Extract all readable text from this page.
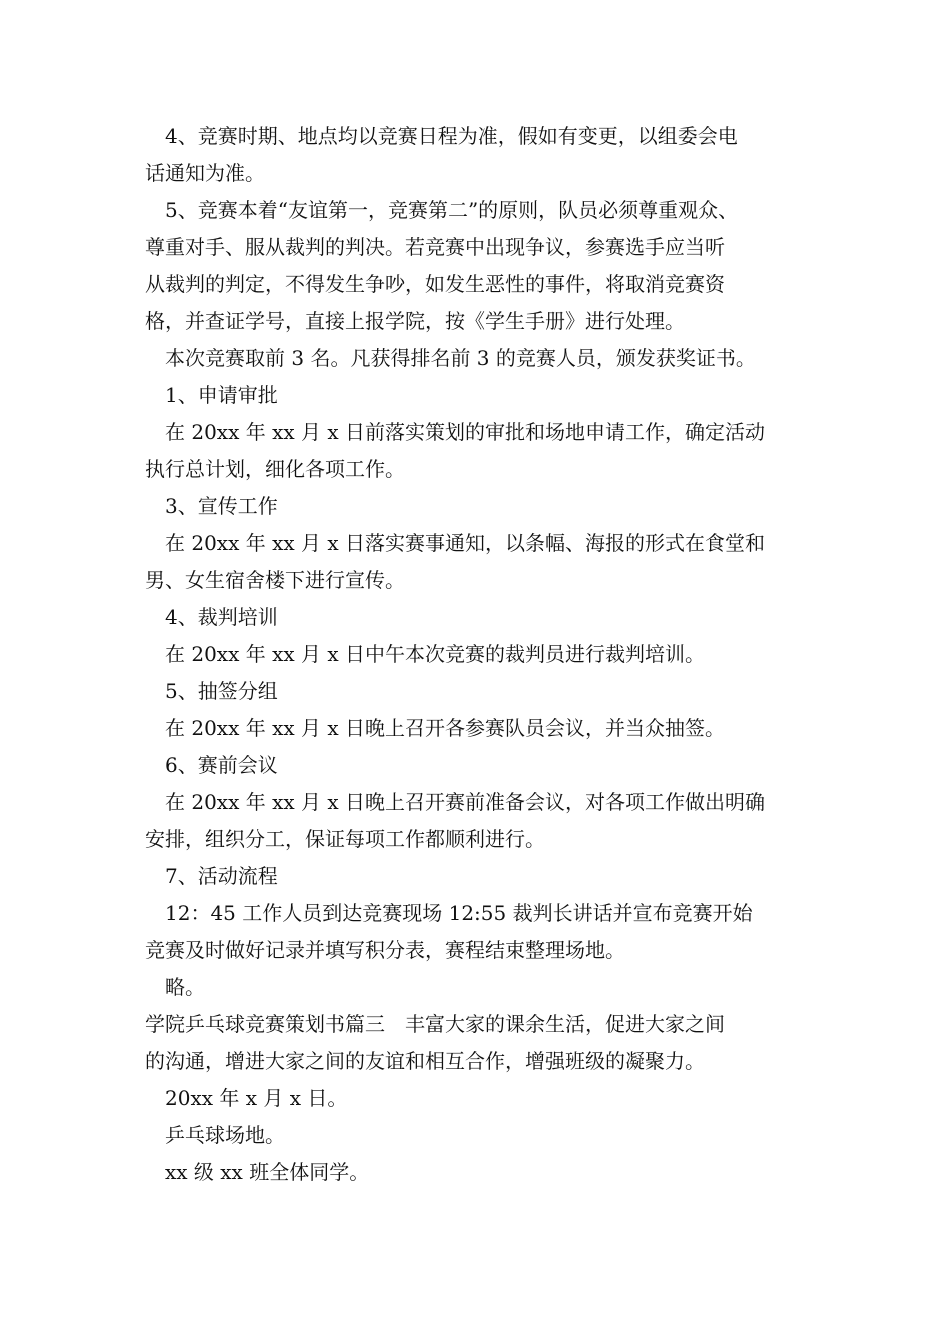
4、竞赛时期、地点均以竞赛日程为准，假如有变更，以组委会电
话通知为准。
5、竞赛本着“友谊第一，竞赛第二”的原则，队员必须尊重观众、
尊重对手、服从裁判的判决。若竞赛中出现争议，参赛选手应当听
从裁判的判定，不得发生争吵，如发生恶性的事件，将取消竞赛资
格，并查证学号，直接上报学院，按《学生手册》进行处理。
本次竞赛取前 3 名。凡获得排名前 3 的竞赛人员，颁发获奖证书。
1、申请审批
在 20xx 年 xx 月 x 日前落实策划的审批和场地申请工作，确定活动
执行总计划，细化各项工作。
3、宣传工作
在 20xx 年 xx 月 x 日落实赛事通知，以条幅、海报的形式在食堂和
男、女生宿舍楼下进行宣传。
4、裁判培训
在 20xx 年 xx 月 x 日中午本次竞赛的裁判员进行裁判培训。
5、抽签分组
在 20xx 年 xx 月 x 日晚上召开各参赛队员会议，并当众抽签。
6、赛前会议
在 20xx 年 xx 月 x 日晚上召开赛前准备会议，对各项工作做出明确
安排，组织分工，保证每项工作都顺利进行。
7、活动流程
12：45 工作人员到达竞赛现场 12:55 裁判长讲话并宣布竞赛开始
竞赛及时做好记录并填写积分表，赛程结束整理场地。
略。
学院乒乓球竞赛策划书篇三　丰富大家的课余生活，促进大家之间
的沟通，增进大家之间的友谊和相互合作，增强班级的凝聚力。
20xx 年 x 月 x 日。
乒乓球场地。
xx 级 xx 班全体同学。
